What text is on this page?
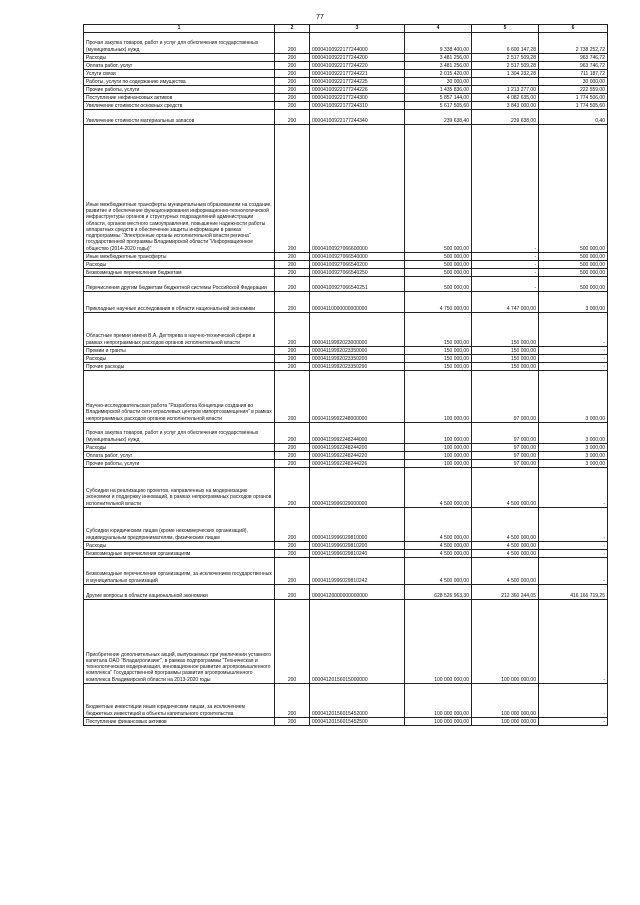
77
1	2	3	4	5	6
Прочая закупка товаров, работ и услуг для обеспечения государственных (муниципальных) нужд	200	00004100922177244000	9 338 400,00	6 600 147,28	2 738 252,72
Расходы	200	00004100922177244200	3 481 256,00	2 517 509,28	963 746,72
Оплата работ, услуг	200	00004100922177244220	3 481 256,00	2 517 509,28	963 746,72
Услуги связи	200	00004100922177244221	2 015 420,00	1 304 232,28	711 187,72
Работы, услуги по содержанию имущества	200	00004100922177244225	30 000,00		30 000,00
Прочие работы, услуги	200	00004100922177244226	1 435 836,00	1 213 277,00	222 559,00
Поступление нефинансовых активов	200	00004100922177244300	5 857 144,00	4 082 635,00	1 774 506,00
Увеличение стоимости основных средств	200	00004100922177244310	5 617 505,60	3 843 000,00	1 774 505,60
Увеличение стоимости материальных запасов	200	00004100922177244340	239 638,40	239 638,00	0,40
Иные межбюджетные трансферты муниципальным образованиям на создание, развитие и обеспечение функционирования информационно-технологической инфраструктуры органов и структурных подразделений администрации области, органов местного самоуправления, повышение надежности работы аппаратных средств и обеспечение защиты информации в рамках подпрограммы "Электронные органы исполнительной власти региона" государственной программы Владимирской области "Информационное общество (2014-2020 годы)"	200	00004100927066600000	500 000,00	-	500 000,00
Иные межбюджетные трансферты	200	00004100927066540000	500 000,00	-	500 000,00
Расходы	200	00004100927066540200	500 000,00	-	500 000,00
Безвозмездные перечисления бюджетам	200	00004100927066540250	500 000,00	-	500 000,00
Перечисления другим бюджетам бюджетной системы Российской Федерации	200	00004100927066540251	500 000,00	-	500 000,00
Прикладные научные исследования в области национальной экономики	200	00004110000000000000	4 750 000,00	4 747 000,00	3 000,00
Областные премии имени В.А. Дегтярева в научно-технической сфере в рамках непрограммных расходов органов исполнительной власти	200	00004119992023000000	150 000,00	150 000,00	-
Премии и гранты	200	00004119992023350000	150 000,00	150 000,00	-
Расходы	200	00004119992023350200	150 000,00	150 000,00	-
Прочие расходы	200	00004119992023350290	150 000,00	150 000,00	-
Научно-исследовательская работа "Разработка Концепции создания во Владимирской области сети отраслевых центров импортозамещения" в рамках непрограммных расходов органов исполнительной власти	200	00004119992248000000	100 000,00	97 000,00	3 000,00
Прочая закупка товаров, работ и услуг для обеспечения государственных (муниципальных) нужд	200	00004119992248244000	100 000,00	97 000,00	3 000,00
Расходы	200	00004119992248244200	100 000,00	97 000,00	3 000,00
Оплата работ, услуг	200	00004119992248244220	100 000,00	97 000,00	3 000,00
Прочие работы, услуги	200	00004119992248244226	100 000,00	97 000,00	3 000,00
Субсидии на реализацию проектов, направленных на модернизацию экономики и поддержку инноваций, в рамках непрограммных расходов органов исполнительной власти	200	00004119996029000000	4 500 000,00	4 500 000,00	-
Субсидии юридическим лицам (кроме некоммерческих организаций), индивидуальным предпринимателям, физическим лицам	200	00004119996029810000	4 500 000,00	4 500 000,00	-
Расходы	200	00004119996029810200	4 500 000,00	4 500 000,00	-
Безвозмездные перечисления организациям	200	00004119996029810240	4 500 000,00	4 500 000,00	-
Безвозмездные перечисления организациям, за исключением государственных и муниципальных организаций	200	00004119996029810242	4 500 000,00	4 500 000,00	-
Другие вопросы в области национальной экономики	200	00004120000000000000	628 526 963,30	212 360 244,05	416 166 719,25
Приобретение дополнительных акций, выпускаемых при увеличении уставного капитала ОАО "Владагролизинг", в рамках подпрограммы "Техническая и технологическая модернизация, инновационное развитие агропромышленного комплекса" Государственной программы развития агропромышленного комплекса Владимирской области на 2013-2020 годы	200	00004120156015000000	100 000 000,00	100 000 000,00	-
Бюджетные инвестиции иным юридическим лицам, за исключением бюджетных инвестиций в объекты капитального строительства	200	00004120156015452000	100 000 000,00	100 000 000,00	-
Поступление финансовых активов	200	00004120156015452500	100 000 000,00	100 000 000,00	-
